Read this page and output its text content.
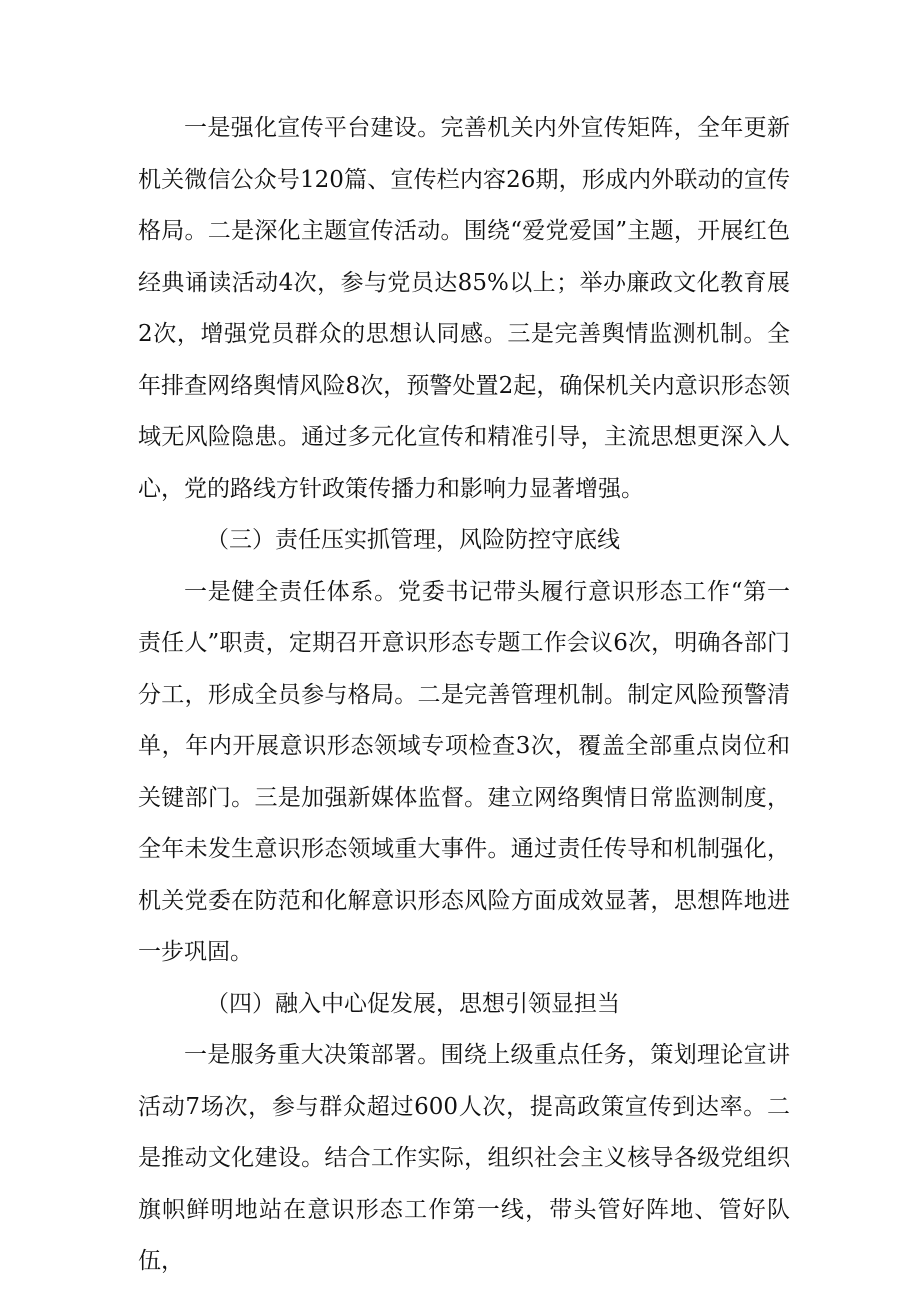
一是强化宣传平台建设。完善机关内外宣传矩阵，全年更新机关微信公众号120篇、宣传栏内容26期，形成内外联动的宣传格局。二是深化主题宣传活动。围绕“爱党爱国”主题，开展红色经典诵读活动4次，参与党员达85%以上；举办廉政文化教育展2次，增强党员群众的思想认同感。三是完善舆情监测机制。全年排查网络舆情风险8次，预警处置2起，确保机关内意识形态领域无风险隐患。通过多元化宣传和精准引导，主流思想更深入人心，党的路线方针政策传播力和影响力显著增强。

（三）责任压实抓管理，风险防控守底线

一是健全责任体系。党委书记带头履行意识形态工作“第一责任人”职责，定期召开意识形态专题工作会议6次，明确各部门分工，形成全员参与格局。二是完善管理机制。制定风险预警清单，年内开展意识形态领域专项检查3次，覆盖全部重点岗位和关键部门。三是加强新媒体监督。建立网络舆情日常监测制度，全年未发生意识形态领域重大事件。通过责任传导和机制强化，机关党委在防范和化解意识形态风险方面成效显著，思想阵地进一步巩固。

（四）融入中心促发展，思想引领显担当

一是服务重大决策部署。围绕上级重点任务，策划理论宣讲活动7场次，参与群众超过600人次，提高政策宣传到达率。二是推动文化建设。结合工作实际，组织社会主义核导各级党组织旗帜鲜明地站在意识形态工作第一线，带头管好阵地、管好队伍，
